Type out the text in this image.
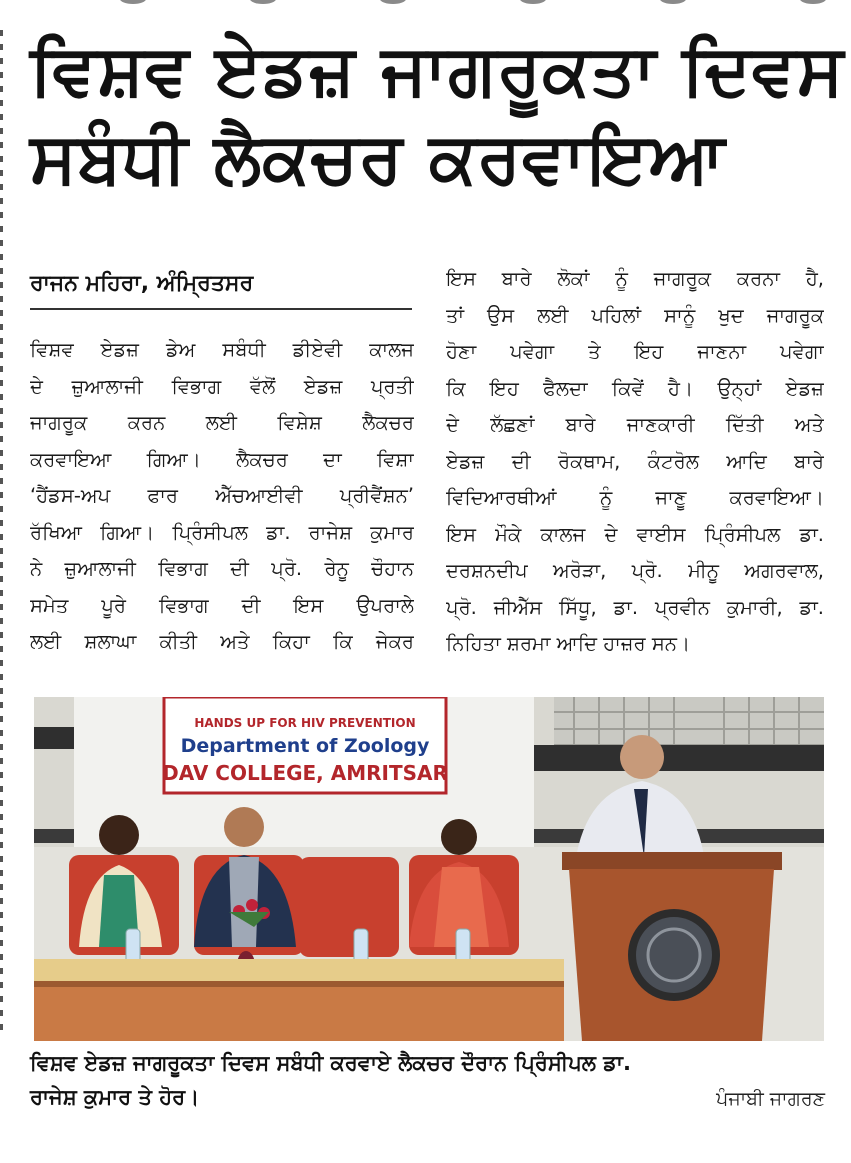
ਵਿਸ਼ਵ ਏਡਜ਼ ਜਾਗਰੂਕਤਾ ਦਿਵਸ
ਸਬੰਧੀ ਲੈਕਚਰ ਕਰਵਾਇਆ
ਰਾਜਨ ਮਹਿਰਾ, ਅੰਮ੍ਰਿਤਸਰ
ਵਿਸ਼ਵ ਏਡਜ਼ ਡੇਅ ਸਬੰਧੀ ਡੀਏਵੀ ਕਾਲਜ
ਦੇ ਜ਼ੁਆਲਾਜੀ ਵਿਭਾਗ ਵੱਲੋਂ ਏਡਜ਼ ਪ੍ਰਤੀ
ਜਾਗਰੂਕ ਕਰਨ ਲਈ ਵਿਸ਼ੇਸ਼ ਲੈਕਚਰ
ਕਰਵਾਇਆ ਗਿਆ। ਲੈਕਚਰ ਦਾ ਵਿਸ਼ਾ
‘ਹੈਂਡਸ-ਅਪ ਫਾਰ ਐੱਚਆਈਵੀ ਪ੍ਰੀਵੈਂਸ਼ਨ’
ਰੱਖਿਆ ਗਿਆ। ਪ੍ਰਿੰਸੀਪਲ ਡਾ. ਰਾਜੇਸ਼ ਕੁਮਾਰ
ਨੇ ਜ਼ੁਆਲਾਜੀ ਵਿਭਾਗ ਦੀ ਪ੍ਰੋ. ਰੇਨੂ ਚੌਹਾਨ
ਸਮੇਤ ਪੂਰੇ ਵਿਭਾਗ ਦੀ ਇਸ ਉਪਰਾਲੇ
ਲਈ ਸ਼ਲਾਘਾ ਕੀਤੀ ਅਤੇ ਕਿਹਾ ਕਿ ਜੇਕਰ
ਇਸ ਬਾਰੇ ਲੋਕਾਂ ਨੂੰ ਜਾਗਰੂਕ ਕਰਨਾ ਹੈ,
ਤਾਂ ਉਸ ਲਈ ਪਹਿਲਾਂ ਸਾਨੂੰ ਖੁਦ ਜਾਗਰੂਕ
ਹੋਣਾ ਪਵੇਗਾ ਤੇ ਇਹ ਜਾਣਨਾ ਪਵੇਗਾ
ਕਿ ਇਹ ਫੈਲਦਾ ਕਿਵੇਂ ਹੈ। ਉਨ੍ਹਾਂ ਏਡਜ਼
ਦੇ ਲੱਛਣਾਂ ਬਾਰੇ ਜਾਣਕਾਰੀ ਦਿੱਤੀ ਅਤੇ
ਏਡਜ਼ ਦੀ ਰੋਕਥਾਮ, ਕੰਟਰੋਲ ਆਦਿ ਬਾਰੇ
ਵਿਦਿਆਰਥੀਆਂ ਨੂੰ ਜਾਣੂ ਕਰਵਾਇਆ।
ਇਸ ਮੌਕੇ ਕਾਲਜ ਦੇ ਵਾਈਸ ਪ੍ਰਿੰਸੀਪਲ ਡਾ.
ਦਰਸ਼ਨਦੀਪ ਅਰੋੜਾ, ਪ੍ਰੋ. ਮੀਨੂ ਅਗਰਵਾਲ,
ਪ੍ਰੋ. ਜੀਐੱਸ ਸਿੱਧੂ, ਡਾ. ਪ੍ਰਵੀਨ ਕੁਮਾਰੀ, ਡਾ.
ਨਿਹਿਤਾ ਸ਼ਰਮਾ ਆਦਿ ਹਾਜ਼ਰ ਸਨ।
HANDS UP FOR HIV PREVENTION
Department of Zoology
DAV COLLEGE, AMRITSAR
ਵਿਸ਼ਵ ਏਡਜ਼ ਜਾਗਰੂਕਤਾ ਦਿਵਸ ਸਬੰਧੀ ਕਰਵਾਏ ਲੈਕਚਰ ਦੌਰਾਨ ਪ੍ਰਿੰਸੀਪਲ ਡਾ.
ਰਾਜੇਸ਼ ਕੁਮਾਰ ਤੇ ਹੋਰ।	ਪੰਜਾਬੀ ਜਾਗਰਣ
